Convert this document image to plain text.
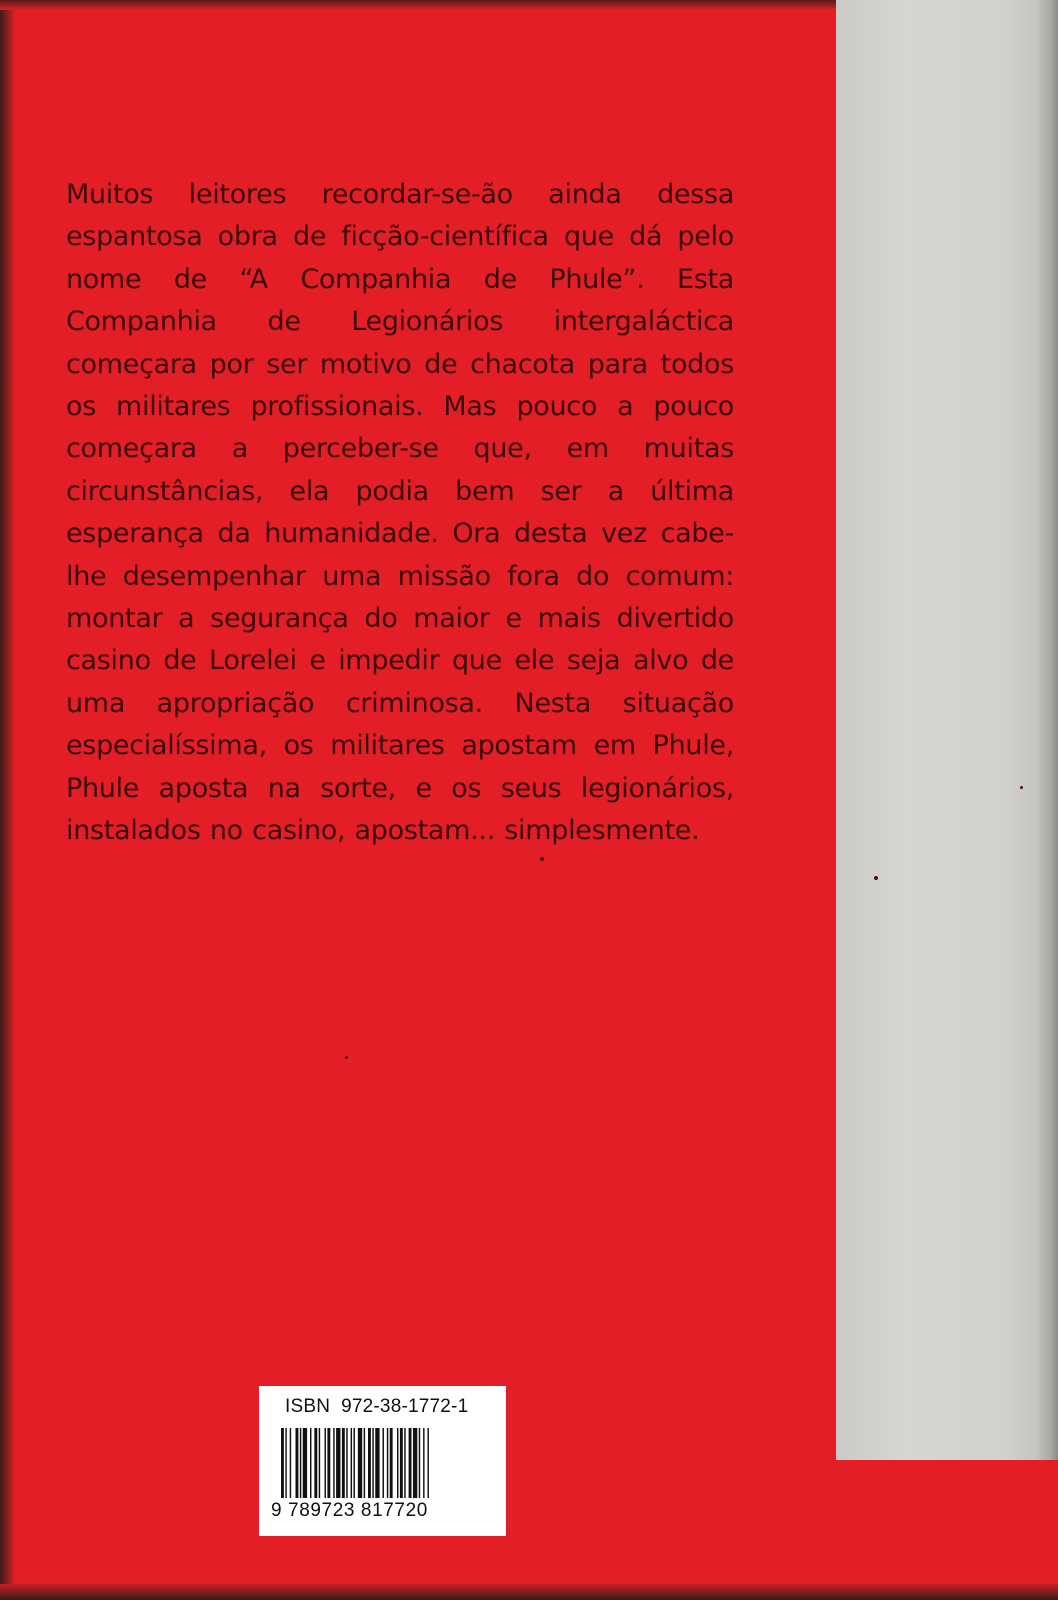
Muitos leitores recordar-se-ão ainda dessa espantosa obra de ficção-científica que dá pelo nome de “A Companhia de Phule”. Esta Companhia de Legionários intergaláctica começara por ser motivo de chacota para todos os militares profissionais. Mas pouco a pouco começara a perceber-se que, em muitas circunstâncias, ela podia bem ser a última esperança da humanidade. Ora desta vez cabe-lhe desempenhar uma missão fora do comum: montar a segurança do maior e mais divertido casino de Lorelei e impedir que ele seja alvo de uma apropriação criminosa. Nesta situação especialíssima, os militares apostam em Phule, Phule aposta na sorte, e os seus legionários, instalados no casino, apostam... simplesmente.

ISBN  972-38-1772-1

9 789723 817720
